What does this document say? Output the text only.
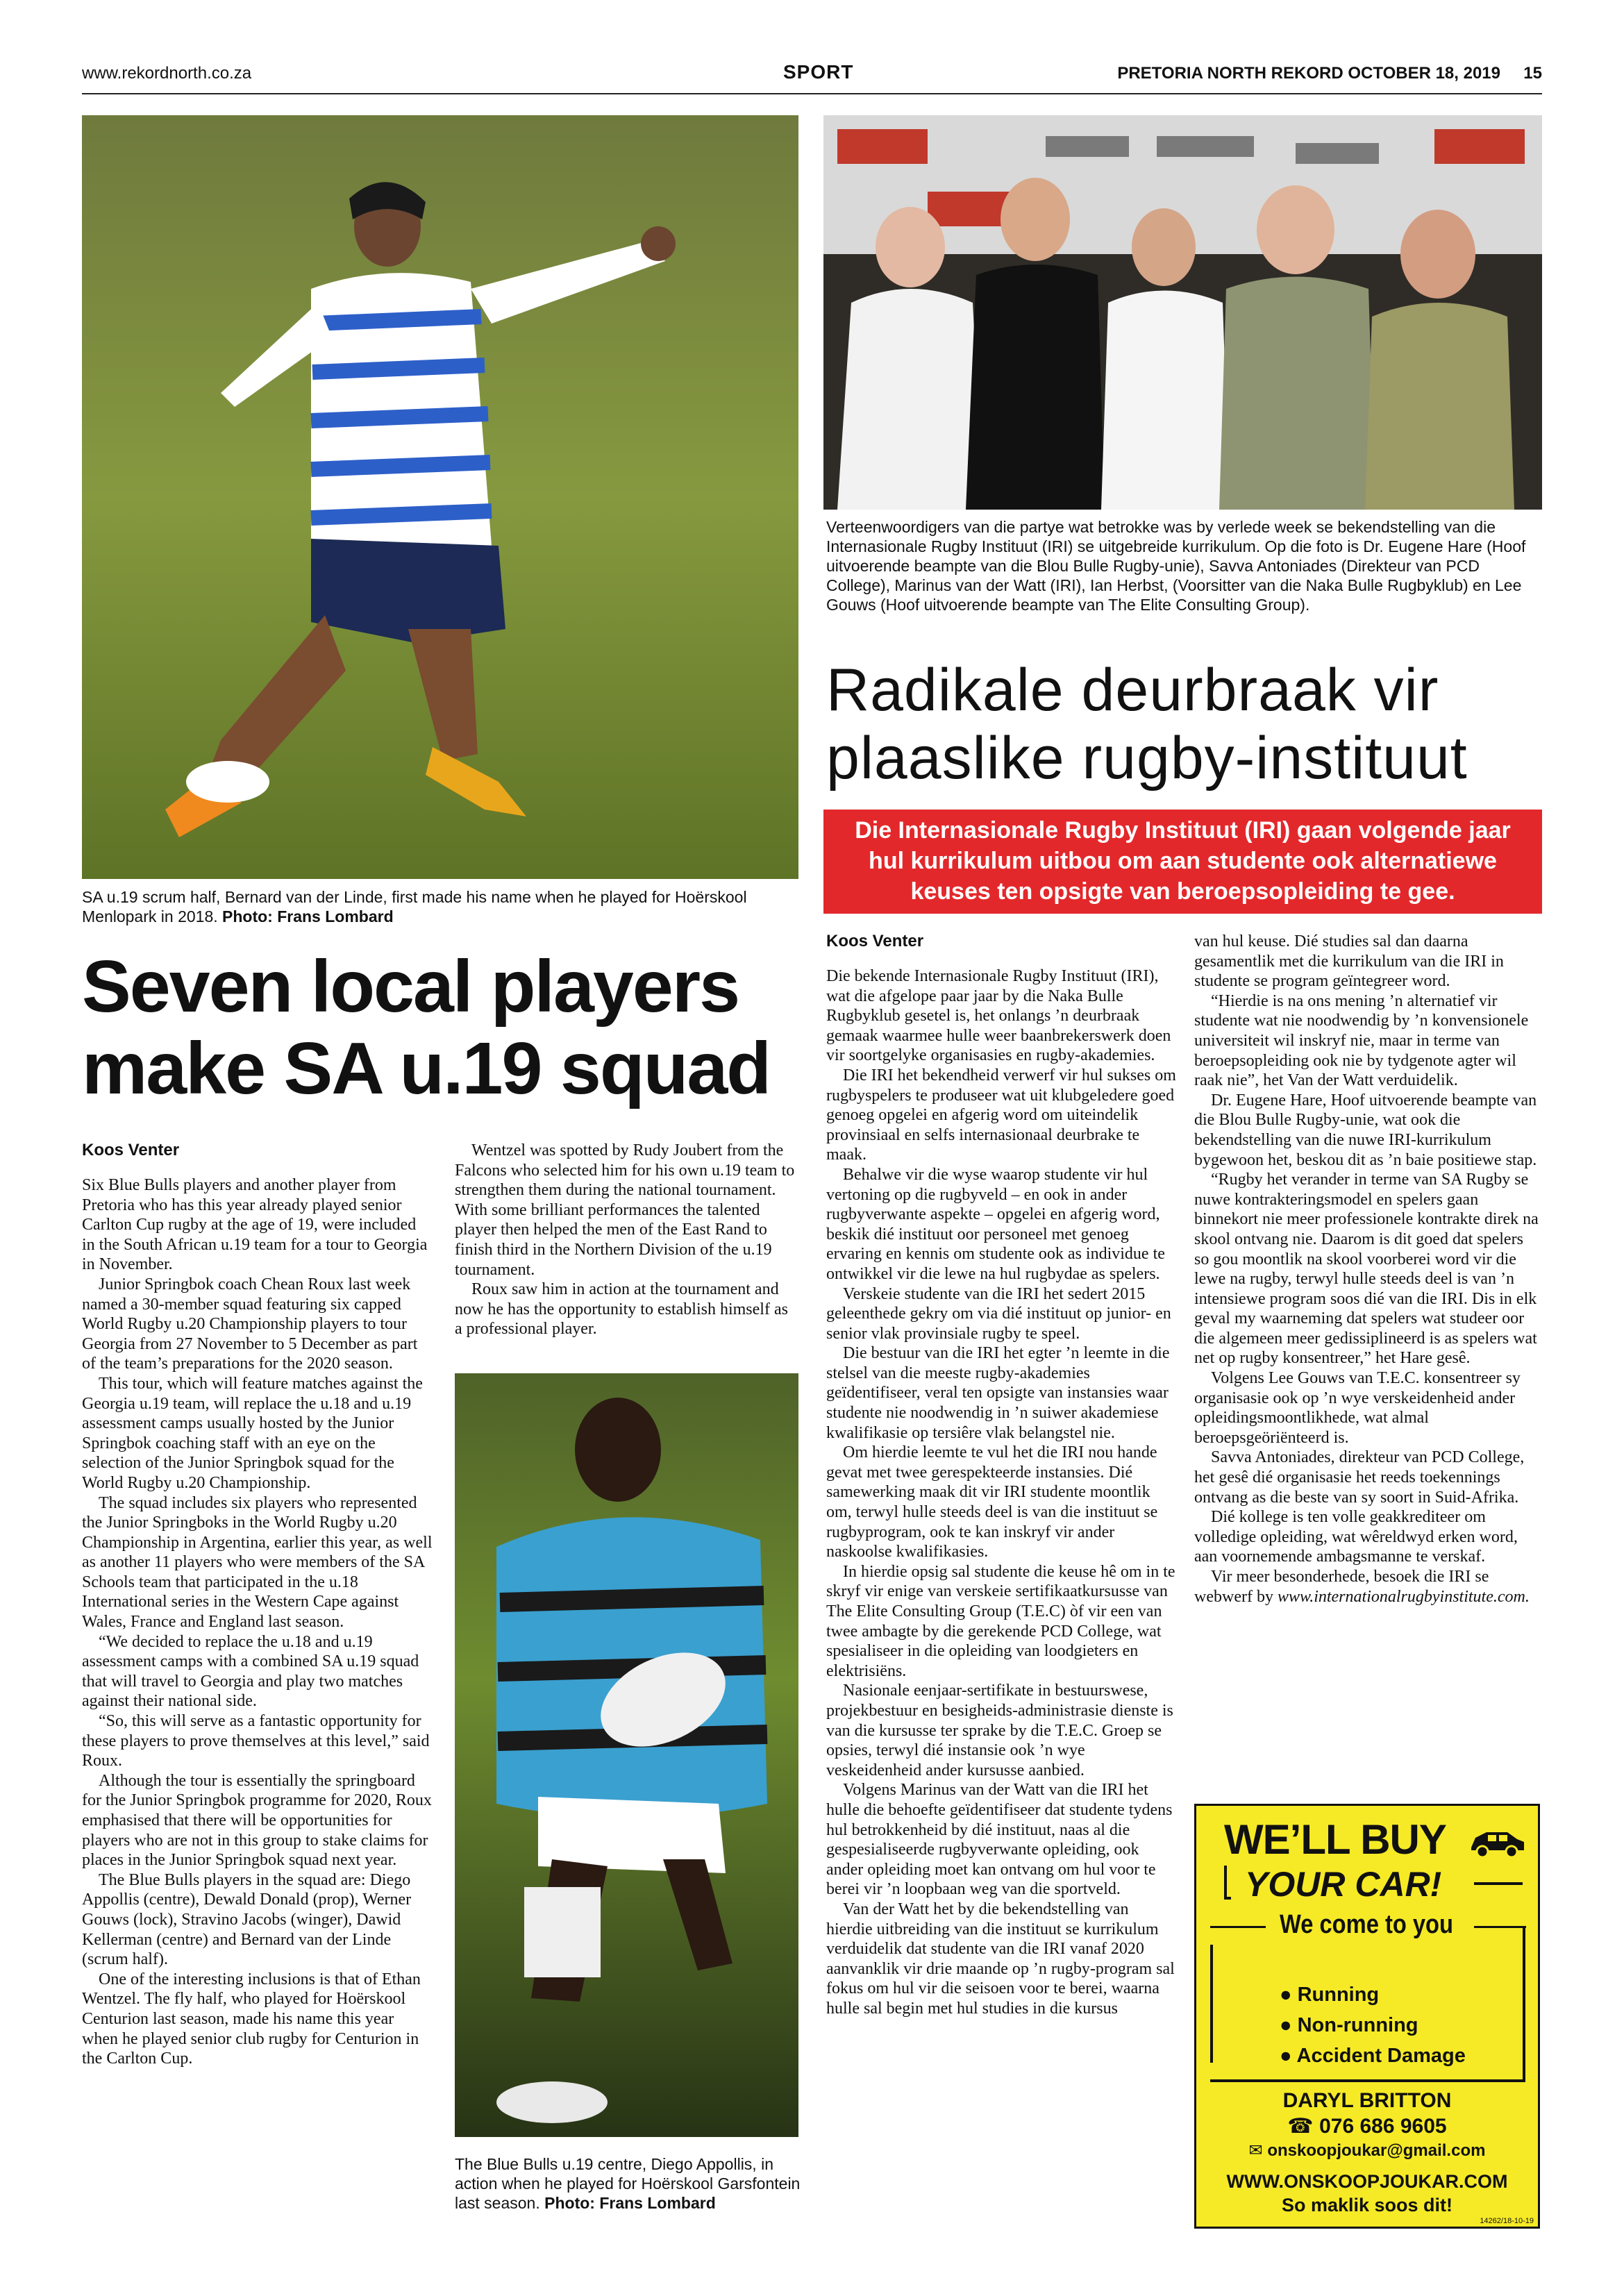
www.rekordnorth.co.za	SPORT	PRETORIA NORTH REKORD OCTOBER 18, 2019 15
SA u.19 scrum half, Bernard van der Linde, first made his name when he played for Hoërskool Menlopark in 2018. Photo: Frans Lombard
Seven local players make SA u.19 squad
Koos Venter

Six Blue Bulls players and another player from Pretoria who has this year already played senior Carlton Cup rugby at the age of 19, were included in the South African u.19 team for a tour to Georgia in November.

Junior Springbok coach Chean Roux last week named a 30-member squad featuring six capped World Rugby u.20 Championship players to tour Georgia from 27 November to 5 December as part of the team’s preparations for the 2020 season.

This tour, which will feature matches against the Georgia u.19 team, will replace the u.18 and u.19 assessment camps usually hosted by the Junior Springbok coaching staff with an eye on the selection of the Junior Springbok squad for the World Rugby u.20 Championship.

The squad includes six players who represented the Junior Springboks in the World Rugby u.20 Championship in Argentina, earlier this year, as well as another 11 players who were members of the SA Schools team that participated in the u.18 International series in the Western Cape against Wales, France and England last season.

“We decided to replace the u.18 and u.19 assessment camps with a combined SA u.19 squad that will travel to Georgia and play two matches against their national side.

“So, this will serve as a fantastic opportunity for these players to prove themselves at this level,” said Roux.

Although the tour is essentially the springboard for the Junior Springbok programme for 2020, Roux emphasised that there will be opportunities for players who are not in this group to stake claims for places in the Junior Springbok squad next year.

The Blue Bulls players in the squad are: Diego Appollis (centre), Dewald Donald (prop), Werner Gouws (lock), Stravino Jacobs (winger), Dawid Kellerman (centre) and Bernard van der Linde (scrum half).

One of the interesting inclusions is that of Ethan Wentzel. The fly half, who played for Hoërskool Centurion last season, made his name this year when he played senior club rugby for Centurion in the Carlton Cup.

Wentzel was spotted by Rudy Joubert from the Falcons who selected him for his own u.19 team to strengthen them during the national tournament. With some brilliant performances the talented player then helped the men of the East Rand to finish third in the Northern Division of the u.19 tournament.

Roux saw him in action at the tournament and now he has the opportunity to establish himself as a professional player.

The Blue Bulls u.19 centre, Diego Appollis, in action when he played for Hoërskool Garsfontein last season. Photo: Frans Lombard
Verteenwoordigers van die partye wat betrokke was by verlede week se bekendstelling van die Internasionale Rugby Instituut (IRI) se uitgebreide kurrikulum. Op die foto is Dr. Eugene Hare (Hoof uitvoerende beampte van die Blou Bulle Rugby-unie), Savva Antoniades (Direkteur van PCD College), Marinus van der Watt (IRI), Ian Herbst, (Voorsitter van die Naka Bulle Rugbyklub) en Lee Gouws (Hoof uitvoerende beampte van The Elite Consulting Group).
Radikale deurbraak vir plaaslike rugby-instituut
Die Internasionale Rugby Instituut (IRI) gaan volgende jaar hul kurrikulum uitbou om aan studente ook alternatiewe keuses ten opsigte van beroepsopleiding te gee.
Koos Venter

Die bekende Internasionale Rugby Instituut (IRI), wat die afgelope paar jaar by die Naka Bulle Rugbyklub gesetel is, het onlangs ’n deurbraak gemaak waarmee hulle weer baanbrekerswerk doen vir soortgelyke organisasies en rugby-akademies.

Die IRI het bekendheid verwerf vir hul sukses om rugbyspelers te produseer wat uit klubgeledere goed genoeg opgelei en afgerig word om uiteindelik provinsiaal en selfs internasionaal deurbrake te maak.

Behalwe vir die wyse waarop studente vir hul vertoning op die rugbyveld – en ook in ander rugbyverwante aspekte – opgelei en afgerig word, beskik dié instituut oor personeel met genoeg ervaring en kennis om studente ook as individue te ontwikkel vir die lewe na hul rugbydae as spelers.

Verskeie studente van die IRI het sedert 2015 geleenthede gekry om via dié instituut op junior- en senior vlak provinsiale rugby te speel.

Die bestuur van die IRI het egter ’n leemte in die stelsel van die meeste rugby-akademies geïdentifiseer, veral ten opsigte van instansies waar studente nie noodwendig in ’n suiwer akademiese kwalifikasie op tersiêre vlak belangstel nie.

Om hierdie leemte te vul het die IRI nou hande gevat met twee gerespekteerde instansies. Dié samewerking maak dit vir IRI studente moontlik om, terwyl hulle steeds deel is van die instituut se rugbyprogram, ook te kan inskryf vir ander naskoolse kwalifikasies.

In hierdie opsig sal studente die keuse hê om in te skryf vir enige van verskeie sertifikaatkursusse van The Elite Consulting Group (T.E.C) òf vir een van twee ambagte by die gerekende PCD College, wat spesialiseer in die opleiding van loodgieters en elektrisiëns.

Nasionale eenjaar-sertifikate in bestuurswese, projekbestuur en besigheids-administrasie dienste is van die kursusse ter sprake by die T.E.C. Groep se opsies, terwyl dié instansie ook ’n wye veskeidenheid ander kursusse aanbied.

Volgens Marinus van der Watt van die IRI het hulle die behoefte geïdentifiseer dat studente tydens hul betrokkenheid by dié instituut, naas al die gespesialiseerde rugbyverwante opleiding, ook ander opleiding moet kan ontvang om hul voor te berei vir ’n loopbaan weg van die sportveld.

Van der Watt het by die bekendstelling van hierdie uitbreiding van die instituut se kurrikulum verduidelik dat studente van die IRI vanaf 2020 aanvanklik vir drie maande op ’n rugby-program sal fokus om hul vir die seisoen voor te berei, waarna hulle sal begin met hul studies in die kursus

van hul keuse. Dié studies sal dan daarna gesamentlik met die kurrikulum van die IRI in studente se program geïntegreer word.

“Hierdie is na ons mening ’n alternatief vir studente wat nie noodwendig by ’n konvensionele universiteit wil inskryf nie, maar in terme van beroepsopleiding ook nie by tydgenote agter wil raak nie”, het Van der Watt verduidelik.

Dr. Eugene Hare, Hoof uitvoerende beampte van die Blou Bulle Rugby-unie, wat ook die bekendstelling van die nuwe IRI-kurrikulum bygewoon het, beskou dit as ’n baie positiewe stap.

“Rugby het verander in terme van SA Rugby se nuwe kontrakteringsmodel en spelers gaan binnekort nie meer professionele kontrakte direk na skool ontvang nie. Daarom is dit goed dat spelers so gou moontlik na skool voorberei word vir die lewe na rugby, terwyl hulle steeds deel is van ’n intensiewe program soos dié van die IRI. Dis in elk geval my waarneming dat spelers wat studeer oor die algemeen meer gedissiplineerd is as spelers wat net op rugby konsentreer,” het Hare gesê.

Volgens Lee Gouws van T.E.C. konsentreer sy organisasie ook op ’n wye verskeidenheid ander opleidingsmoontlikhede, wat almal beroepsgeöriënteerd is.

Savva Antoniades, direkteur van PCD College, het gesê dié organisasie het reeds toekennings ontvang as die beste van sy soort in Suid-Afrika.

Dié kollege is ten volle geakkrediteer om volledige opleiding, wat wêreldwyd erken word, aan voornemende ambagsmanne te verskaf.

Vir meer besonderhede, besoek die IRI se webwerf by www.internationalrugbyinstitute.com.

WE’LL BUY
YOUR CAR!
We come to you
● Running
● Non-running
● Accident Damage
DARYL BRITTON
☎ 076 686 9605
✉ onskoopjoukar@gmail.com
WWW.ONSKOOPJOUKAR.COM
So maklik soos dit!
14262/18-10-19
